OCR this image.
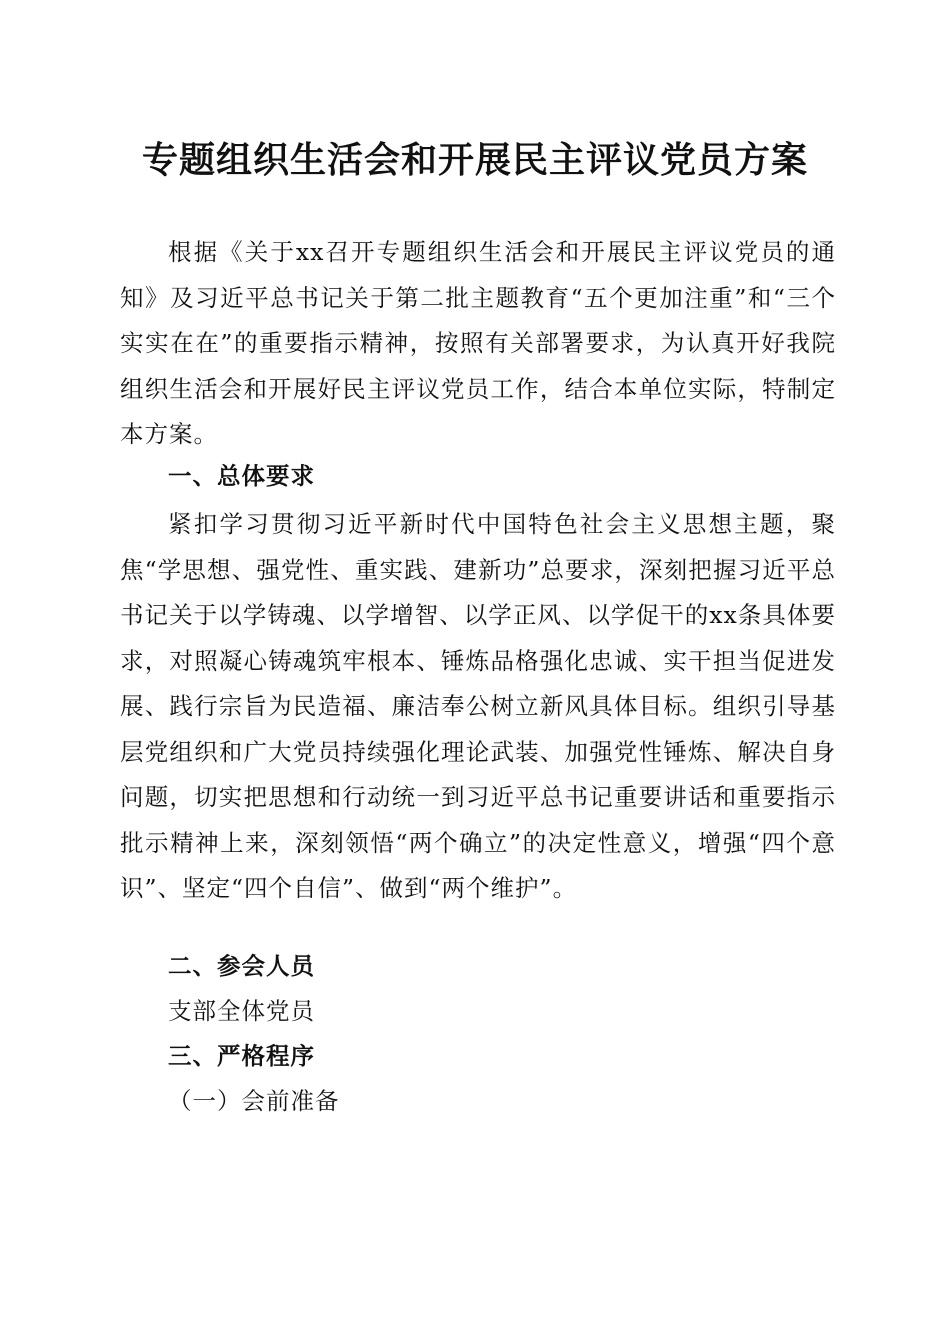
专题组织生活会和开展民主评议党员方案

根据《关于xx召开专题组织生活会和开展民主评议党员的通知》及习近平总书记关于第二批主题教育“五个更加注重”和“三个实实在在”的重要指示精神，按照有关部署要求，为认真开好我院组织生活会和开展好民主评议党员工作，结合本单位实际，特制定本方案。

一、总体要求

紧扣学习贯彻习近平新时代中国特色社会主义思想主题，聚焦“学思想、强党性、重实践、建新功”总要求，深刻把握习近平总书记关于以学铸魂、以学增智、以学正风、以学促干的xx条具体要求，对照凝心铸魂筑牢根本、锤炼品格强化忠诚、实干担当促进发展、践行宗旨为民造福、廉洁奉公树立新风具体目标。组织引导基层党组织和广大党员持续强化理论武装、加强党性锤炼、解决自身问题，切实把思想和行动统一到习近平总书记重要讲话和重要指示批示精神上来，深刻领悟“两个确立”的决定性意义，增强“四个意识”、坚定“四个自信”、做到“两个维护”。

二、参会人员

支部全体党员

三、严格程序

（一）会前准备
